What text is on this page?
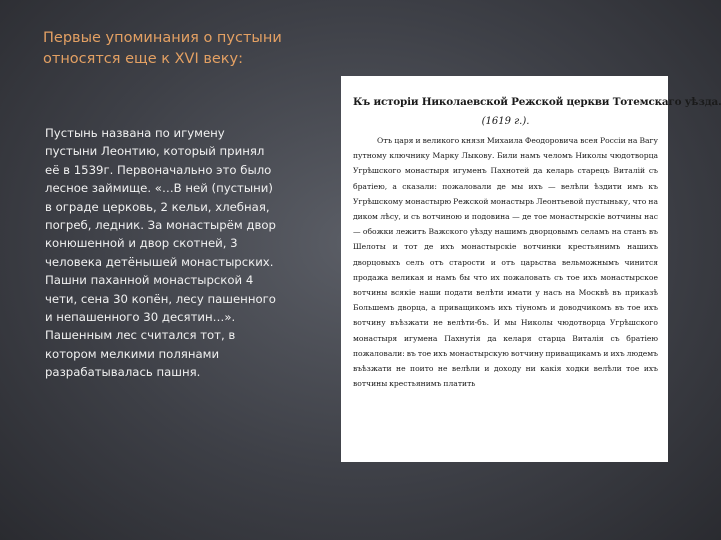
Первые упоминания о пустыни относятся еще к XVI веку:

Пустынь названа по игумену пустыни Леонтию, который принял её в 1539г. Первоначально это было лесное займище. «…В ней (пустыни) в ограде церковь, 2 кельи, хлебная, погреб, ледник. За монастырём двор конюшенной и двор скотней, 3 человека детёнышей монастырских. Пашни паханной монастырской 4 чети, сена 30 копён, лесу пашенного и непашенного 30 десятин…». Пашенным лес считался тот, в котором мелкими полянами разрабатывалась пашня.

Къ исторiи Николаевской Режской церкви Тотемскаго уѣзда.

(1619 г.).

Отъ царя и великого князя Михаила Феодоровича всея Россiи на Вагу путному ключнику Марку Лыкову. Били намъ челомъ Николы чюдотворца Угрѣшского монастыря игуменъ Пахнотей да келарь старецъ Виталiй съ братiею, а сказали: пожаловали де мы ихъ — велѣли ѣздити имъ къ Угрѣшскому монастырю Режской монастырь Леонтьевой пустыньку, что на диком лѣсу, и съ вотчиною и подовина — де тое монастырскiе вотчины нас — обожки лежитъ Важского уѣзду нашимъ дворцовымъ селамъ на станъ въ Шелоты и тот де ихъ монастырскiе вотчинки крестьянимъ нашихъ дворцовыхъ селъ отъ старости и отъ царьства вельможнымъ чинится продажа великая и намъ бы что их пожаловать съ тое ихъ монастырское вотчины всякiе наши подати велѣти имати у насъ на Москвѣ въ приказѣ Большемъ дворца, а приващикомъ ихъ тiуномъ и доводчикомъ въ тое ихъ вотчину въѣзжати не велѣти-бъ. И мы Николы чюдотворца Угрѣшского монастыря игумена Пахнутiя да келаря старца Виталiя съ братiею пожаловали: въ тое ихъ монастырскую вотчину приващикамъ и ихъ людемъ въѣзжати не поито не велѣли и доходу ни какiя ходки велѣли тое ихъ вотчины крестьянимъ платить
